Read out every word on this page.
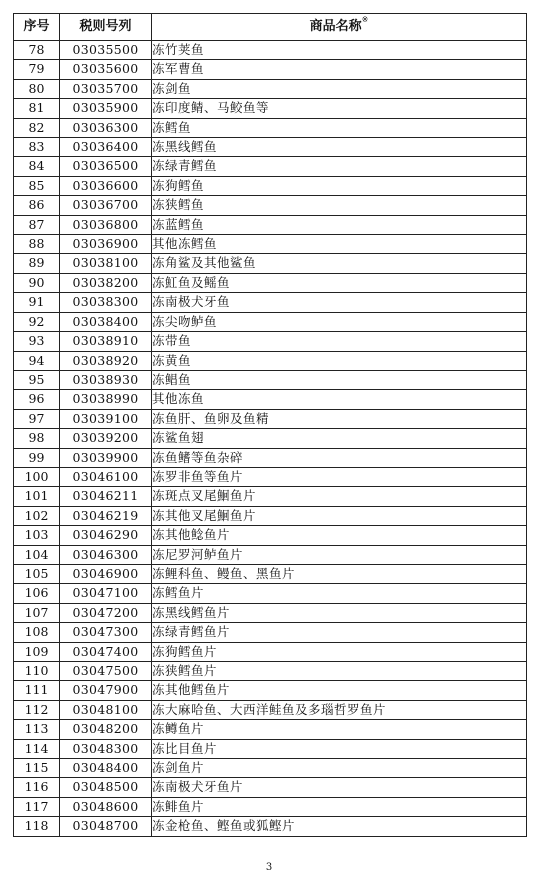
序号	税则号列	商品名称※
78	03035500	冻竹荚鱼
79	03035600	冻军曹鱼
80	03035700	冻剑鱼
81	03035900	冻印度鲭、马鲛鱼等
82	03036300	冻鳕鱼
83	03036400	冻黑线鳕鱼
84	03036500	冻绿青鳕鱼
85	03036600	冻狗鳕鱼
86	03036700	冻狭鳕鱼
87	03036800	冻蓝鳕鱼
88	03036900	其他冻鳕鱼
89	03038100	冻角鲨及其他鲨鱼
90	03038200	冻魟鱼及鳐鱼
91	03038300	冻南极犬牙鱼
92	03038400	冻尖吻鲈鱼
93	03038910	冻带鱼
94	03038920	冻黄鱼
95	03038930	冻鲳鱼
96	03038990	其他冻鱼
97	03039100	冻鱼肝、鱼卵及鱼精
98	03039200	冻鲨鱼翅
99	03039900	冻鱼鳍等鱼杂碎
100	03046100	冻罗非鱼等鱼片
101	03046211	冻斑点叉尾鮰鱼片
102	03046219	冻其他叉尾鮰鱼片
103	03046290	冻其他鲶鱼片
104	03046300	冻尼罗河鲈鱼片
105	03046900	冻鲤科鱼、鳗鱼、黑鱼片
106	03047100	冻鳕鱼片
107	03047200	冻黑线鳕鱼片
108	03047300	冻绿青鳕鱼片
109	03047400	冻狗鳕鱼片
110	03047500	冻狭鳕鱼片
111	03047900	冻其他鳕鱼片
112	03048100	冻大麻哈鱼、大西洋鲑鱼及多瑙哲罗鱼片
113	03048200	冻鳟鱼片
114	03048300	冻比目鱼片
115	03048400	冻剑鱼片
116	03048500	冻南极犬牙鱼片
117	03048600	冻鲱鱼片
118	03048700	冻金枪鱼、鲣鱼或狐鲣片
3
